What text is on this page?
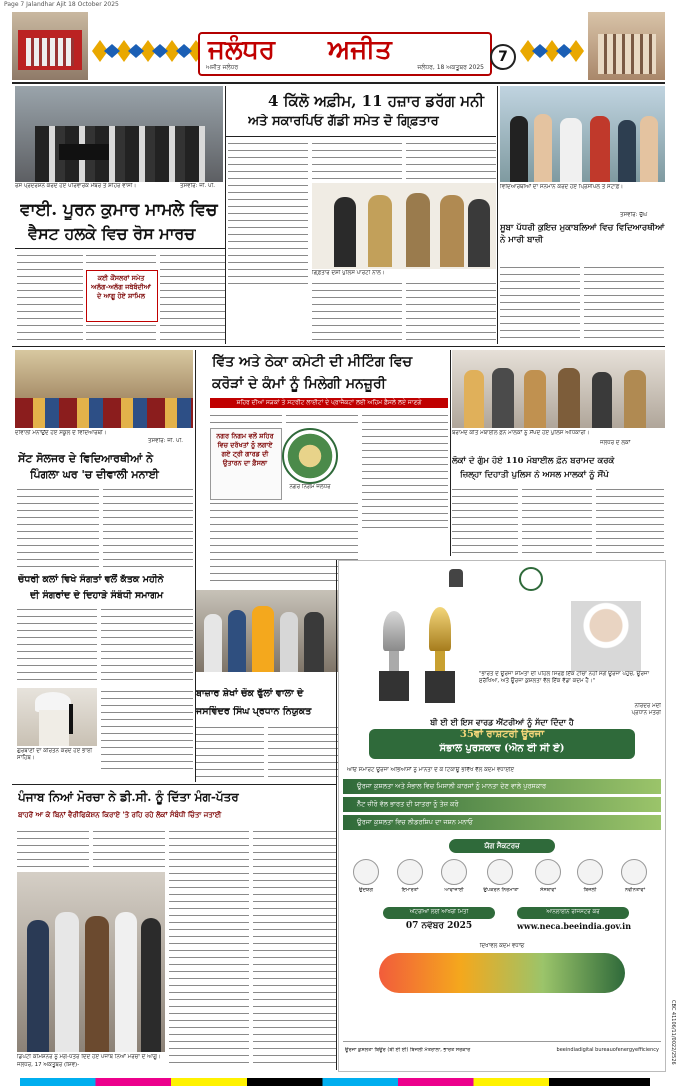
Page 7 Jalandhar Ajit 18 October 2025
ਜਲੰਧਰ ਅਜੀਤ
ਅਜੀਤ ਜਲੰਧਰ	ਜਲੰਧਰ, 18 ਅਕਤੂਬਰ 2025
7
ਰੋਸ ਪ੍ਰਦਰਸ਼ਨ ਕਰਦੇ ਹੋਏ ਪਰਿਵਾਰਕ ਮੈਂਬਰ ਤੇ ਸ਼ਹਿਰ ਵਾਸੀ।	ਤਸਵੀਰ: ਜੀ. ਪੀ.
4 ਕਿੱਲੋ ਅਫ਼ੀਮ, 11 ਹਜ਼ਾਰ ਡਰੱਗ ਮਨੀ
ਅਤੇ ਸਕਾਰਪਿਓ ਗੱਡੀ ਸਮੇਤ ਦੋ ਗਿ੍ਫ਼ਤਾਰ
ਗਿ੍ਫ਼ਤਾਰ ਦੋਸ਼ੀ ਪੁਲਿਸ ਪਾਰਟੀ ਨਾਲ।
ਵਾਈ. ਪੂਰਨ ਕੁਮਾਰ ਮਾਮਲੇ ਵਿਚ
ਵੈਸਟ ਹਲਕੇ ਵਿਚ ਰੋਸ ਮਾਰਚ
ਕਈ ਕੌਂਸਲਰਾਂ ਸਮੇਤ ਅਲੱਗ-ਅਲੱਗ ਜਥੇਬੰਦੀਆਂ ਦੇ ਆਗੂ ਹੋਏ ਸ਼ਾਮਿਲ
ਵਿਦਿਆਰਥੀਆਂ ਦਾ ਸਨਮਾਨ ਕਰਦੇ ਹੋਏ ਪ੍ਰਿੰਸੀਪਲ ਤੇ ਸਟਾਫ਼।
ਤਸਵੀਰ: ਚੁੱਘ
ਸੂਬਾ ਪੱਧਰੀ ਕੁਇਜ਼ ਮੁਕਾਬਲਿਆਂ ਵਿਚ ਵਿਦਿਆਰਥੀਆਂ ਨੇ ਮਾਰੀ ਬਾਜ਼ੀ
ਦੀਵਾਲੀ ਮਨਾਉਂਦੇ ਹੋਏ ਸਕੂਲ ਦੇ ਵਿਦਿਆਰਥੀ।
ਤਸਵੀਰ: ਜੀ. ਪੀ.
ਸੇਂਟ ਸੋਲਜਰ ਦੇ ਵਿਦਿਆਰਥੀਆਂ ਨੇ
ਪਿੰਗਲਾ ਘਰ 'ਚ ਦੀਵਾਲੀ ਮਨਾਈ
ਵਿੱਤ ਅਤੇ ਠੇਕਾ ਕਮੇਟੀ ਦੀ ਮੀਟਿੰਗ ਵਿਚ
ਕਰੋੜਾਂ ਦੇ ਕੰਮਾਂ ਨੂੰ ਮਿਲੇਗੀ ਮਨਜ਼ੂਰੀ
ਸ਼ਹਿਰ ਦੀਆਂ ਸੜਕਾਂ ਤੇ ਸਟਰੀਟ ਲਾਈਟਾਂ ਦੇ ਪ੍ਰਾਜੈਕਟਾਂ ਲਈ ਅਹਿਮ ਫ਼ੈਸਲੇ ਲਏ ਜਾਣਗੇ
ਨਗਰ ਨਿਗਮ ਵਲੋਂ ਸ਼ਹਿਰ ਵਿਚ ਦਰੱਖਤਾਂ ਨੂੰ ਲਗਾਏ ਗਏ ਟ੍ਰੀ ਗਾਰਡ ਦੀ ਉਤਾਰਨ ਦਾ ਫ਼ੈਸਲਾ
ਨਗਰ ਨਿਗਮ ਜਲੰਧਰ
ਬਰਾਮਦ ਕੀਤੇ ਮੋਬਾਈਲ ਫ਼ੋਨ ਮਾਲਕਾਂ ਨੂੰ ਸੌਂਪਦੇ ਹੋਏ ਪੁਲਿਸ ਅਧਿਕਾਰੀ।
ਜਲੰਧਰ ਦੇ ਲੋਕਾਂ
ਲੋਕਾਂ ਦੇ ਗੁੰਮ ਹੋਏ 110 ਮੋਬਾਈਲ ਫ਼ੋਨ ਬਰਾਮਦ ਕਰਕੇ
ਜ਼ਿਲ੍ਹਾ ਦਿਹਾਤੀ ਪੁਲਿਸ ਨੇ ਅਸਲ ਮਾਲਕਾਂ ਨੂੰ ਸੌਂਪੇ
ਚੌਧਰੀ ਕਲਾਂ ਵਿਖੇ ਸੰਗਤਾਂ ਵਲੋਂ ਕੱਤਕ ਮਹੀਨੇ
ਦੀ ਸੰਗਰਾਂਦ ਦੇ ਦਿਹਾੜੇ ਸੰਬੰਧੀ ਸਮਾਗਮ
ਗੁਰਬਾਣੀ ਦਾ ਕੀਰਤਨ ਕਰਦੇ ਹੋਏ ਭਾਈ ਸਾਹਿਬ।
ਬਾਜ਼ਾਰ ਸ਼ੇਖਾਂ ਚੌਕ ਫੁੱਲਾਂ ਵਾਲਾ ਦੇ
ਜਸਵਿੰਦਰ ਸਿੰਘ ਪ੍ਰਧਾਨ ਨਿਯੁਕਤ
ਪੰਜਾਬ ਨਿਆਂ ਮੋਰਚਾ ਨੇ ਡੀ.ਸੀ. ਨੂੰ ਦਿੱਤਾ ਮੰਗ-ਪੱਤਰ
ਬਾਹਰੋਂ ਆ ਕੇ ਬਿਨਾਂ ਵੈਰੀਫਿਕੇਸ਼ਨ ਕਿਰਾਏ 'ਤੇ ਰਹਿ ਰਹੇ ਲੋਕਾਂ ਸੰਬੰਧੀ ਚਿੰਤਾ ਜਤਾਈ
ਡਿਪਟੀ ਕਮਿਸ਼ਨਰ ਨੂੰ ਮੰਗ-ਪੱਤਰ ਦਿੰਦੇ ਹੋਏ ਪੰਜਾਬ ਨਿਆਂ ਮੋਰਚਾ ਦੇ ਆਗੂ।
ਜਲੰਧਰ, 17 ਅਕਤੂਬਰ (ਸ਼ਿਵ)-
"ਭਾਰਤ ਦੇ ਊਰਜਾ ਸ਼ਮਿਤਾ ਦੀ ਪਹਿਲ ਸਿਰਫ਼ ਇੱਕ ਟੀਚਾ ਨਹੀਂ ਸਗੋਂ ਊਰਜਾ ਪਹੁੰਚ, ਊਰਜਾ ਸੁਰੱਖਿਆ, ਅਤੇ ਊਰਜਾ ਕੁਸ਼ਲਤਾ ਵੱਲ ਇੱਕ ਵੱਡਾ ਕਦਮ ਹੈ।"
ਨਰਿੰਦਰ ਮੋਦੀ
ਪ੍ਰਧਾਨ ਮੰਤਰੀ
ਬੀ ਈ ਈ ਇਸ ਵਾਰਡ ਐਂਟਰੀਆਂ ਨੂੰ ਸੱਦਾ ਦਿੰਦਾ ਹੈ
35ਵਾਂ ਰਾਸ਼ਟਰੀ ਊਰਜਾ
ਸੰਭਾਲ ਪੁਰਸਕਾਰ (ਐਨ ਈ ਸੀ ਏ)
ਆਓ ਸਮਾਰਟ ਊਰਜਾ ਅਭਿਆਸਾਂ ਨੂੰ ਮਾਨਤਾ ਦੇ ਕੇ ਟਿਕਾਊ ਭਵਿੱਖ ਵੱਲ ਕਦਮ ਵਧਾਈਏ
ਊਰਜਾ ਕੁਸ਼ਲਤਾ ਅਤੇ ਸੰਭਾਲ ਵਿਚ ਮਿਸਾਲੀ ਕਾਰਜਾਂ ਨੂੰ ਮਾਨਤਾ ਦੇਣ ਵਾਲੇ ਪੁਰਸਕਾਰ
ਨੈੱਟ ਜ਼ੀਰੋ ਵੱਲ ਭਾਰਤ ਦੀ ਯਾਤਰਾ ਨੂੰ ਤੇਜ਼ ਕਰੋ
ਊਰਜਾ ਕੁਸ਼ਲਤਾ ਵਿਚ ਲੀਡਰਸ਼ਿਪ ਦਾ ਜਸ਼ਨ ਮਨਾਓ
ਯੋਗ ਸੈਕਟਰਜ਼
ਉਦਯੋਗ	ਇਮਾਰਤਾਂ	ਆਵਾਜਾਈ	ਉਪਕਰਨ ਨਿਰਮਾਤਾ	ਸੰਸਥਾਵਾਂ	ਬਿਜਲੀ	ਨਵੀਨਤਾਵਾਂ
ਐਂਟਰੀਆਂ ਲਈ ਆਖਰੀ ਮਿਤੀ
07 ਨਵੰਬਰ 2025
ਆਨਲਾਈਨ ਰਜਿਸਟਰ ਕਰੋ
www.neca.beeindia.gov.in
ਦਿਖਾਵਲ ਕਦਮ ਵਧਾਓ
ਊਰਜਾ ਕੁਸ਼ਲਤਾ ਬਿਊਰੋ (ਬੀ ਈ ਈ) ਬਿਜਲੀ ਮੰਤਰਾਲਾ, ਭਾਰਤ ਸਰਕਾਰ	beeindiadigital bureauofenergyefficiency	CBC 41106/11/0022/2526
